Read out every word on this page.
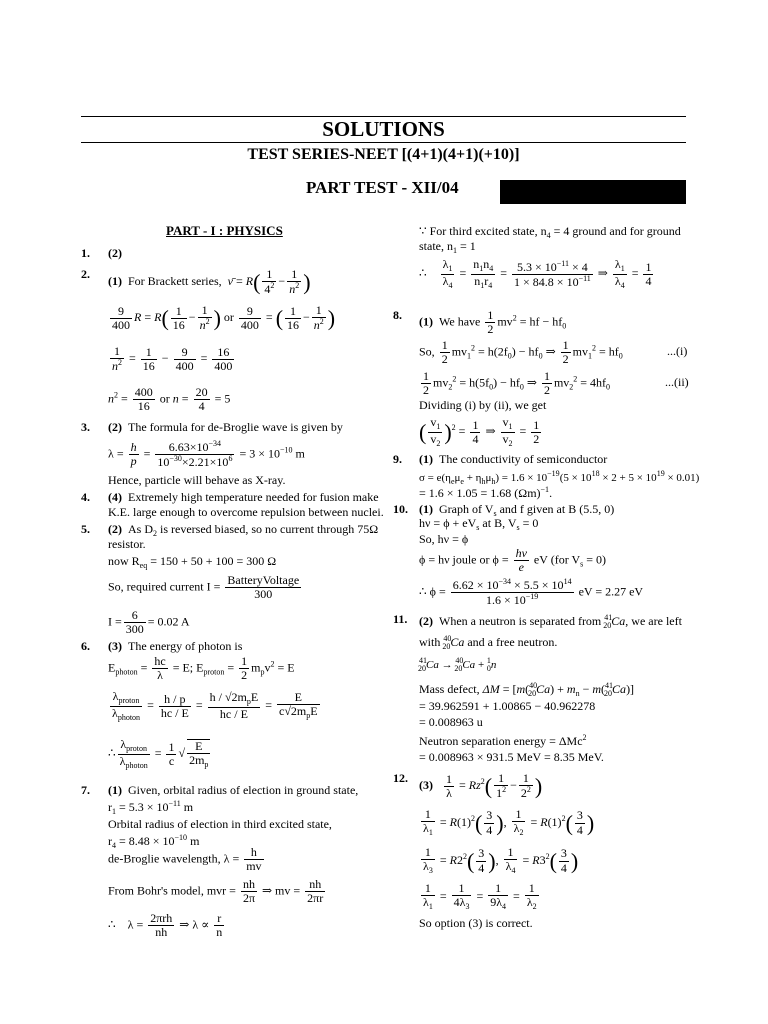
SOLUTIONS
TEST SERIES-NEET [(4+1)(4+1)(+10)]
PART TEST - XII/04
PART - I : PHYSICS
1. (2)
2. (1) For Brackett series,  ν̄ = $R( \frac{1}{4^2} - \frac{1}{n^2}$ )
$\frac{9}{400}$ $R = R( \frac{1}{16} - \frac{1}{n^2}$ ) or $\frac{9}{400}$ = ( $\frac{1}{16} - \frac{1}{n^2}$ )
$\frac{1}{n^2} = \frac{1}{16} - \frac{9}{400} = \frac{16}{400}$
$n^2 = \frac{400}{16}$ or $n = \frac{20}{4} = 5$
3. (2) The formula for de-Broglie wave is given by
$\lambda = \frac{h}{p} = \frac{6.63\times 10^{-34}}{10^{-30}\times 2.21\times 10^6} = 3 \times 10^{-10}$ m
Hence, particle will behave as X-ray.
4. (4) Extremely high temperature needed for fusion make
K.E. large enough to overcome repulsion between nuclei.
5. (2) As $D_2$ is reversed biased, so no current through 75Ω
resistor.
now $R_{eq} = 150 + 50 + 100 = 300$ Ω
So, required current $I = \frac{\text{BatteryVoltage}}{300}$
$I = \frac{6}{300} = 0.02$ A
6. (3) The energy of photon is
$E_{photon} = \frac{hc}{\lambda} = E$; $E_{proton} = \frac{1}{2} m_pv^2 = E$
$\frac{\lambda_{proton}}{\lambda_{photon}} = \frac{h / p}{hc / E} = \frac{h / √2m_pE}{hc / E} = \frac{E}{c√2m_pE}$
∴ $\frac{\lambda_{proton}}{\lambda_{photon}} = \frac{1}{c}$ √ $\frac{E}{2m_p}$
7. (1) Given, orbital radius of election in ground state,
$r_1 = 5.3 \times 10^{-11}$ m
Orbital radius of election in third excited state,
$r_4 = 8.48 \times 10^{-10}$ m
de-Broglie wavelength, $\lambda = \frac{h}{mv}$
From Bohr's model, mvr = $\frac{nh}{2\pi}$ ⇒ mv = $\frac{nh}{2\pi r}$
∴    $\lambda = \frac{\text{2πrh}}{nh}$ ⇒ $\lambda \propto \frac{r}{n}$
∵ For third excited state, $n_4 = 4$ ground and for ground
state, $n_1 = 1$
∴ $\frac{\lambda_1}{\lambda_4} = \frac{n_1n_4}{n_1r_4} = \frac{5.3 \times 10^{-11} \times 4}{1 \times 84.8 \times 10^{-11}}$ ⇒ $\frac{\lambda_1}{\lambda_4} = \frac{1}{4}$
8. (1) We have $\frac{1}{2} mv^2$ = hf − $hf_0$
So, $\frac{1}{2} mv_1^2 = h(2f_0) - hf_0$ ⇒ $\frac{1}{2} mv_1^2 = hf_0$	...(i)
$\frac{1}{2} mv_2^2 = h(5f_0) - hf_0$ ⇒ $\frac{1}{2} mv_2^2 = 4hf_0$	...(ii)
Dividing (i) by (ii), we get
( $\frac{v_1}{v_2} )^2 = \frac{1}{4}$ ⇒ $\frac{v_1}{v_2} = \frac{1}{2}$
9. (1) The conductivity of semiconductor
$\sigma = e(\eta_e\mu_e + \eta_h\mu_h) = 1.6 \times 10^{-19}(5 \times 10^{18} \times 2 + 5 \times 10^{19} \times 0.01)$
= 1.6 × 1.05 = 1.68 $(\Omega m)^{-1}$.
10. (1) Graph of $V_s$ and f given at B (5.5, 0)
$h\nu = \phi + eV_s$ at B, $V_s = 0$
So, hν = ϕ
ϕ = hν joule or $\phi = \frac{h\nu}{e}$ eV (for $V_s = 0$)
∴ $\phi = \frac{6.62 \times 10^{-34} \times 5.5 \times 10^{14}}{1.6 \times 10^{-19}}$ eV = 2.27 eV
11. (2) When a neutron is separated from $^{41}_{20}$Ca, we are left
with $^{40}_{20}$Ca and a free neutron.
$^{41}_{20}$Ca → $^{40}_{20}$Ca + $^1_0$n
Mass defect, $\Delta M = [m(^{40}_{20}Ca) + m_n - m(^{41}_{20}Ca)]$
= 39.962591 + 1.00865 − 40.962278
= 0.008963 u
Neutron separation energy = ΔMc$^2$
= 0.008963 × 931.5 MeV = 8.35 MeV.
12. $(3) \frac{1}{\lambda} = Rz^2( \frac{1}{1^2} - \frac{1}{2^2}$ )
$\frac{1}{\lambda_1} = R(1)^2( \frac{3}{4}$ ), $\frac{1}{\lambda_2} = R(1)^2( \frac{3}{4}$ )
$\frac{1}{\lambda_3} = R2^2( \frac{3}{4}$ ), $\frac{1}{\lambda_4} = R3^2( \frac{3}{4}$ )
$\frac{1}{\lambda_1} = \frac{1}{4\lambda_3} = \frac{1}{9\lambda_4} = \frac{1}{\lambda_2}$
So option (3) is correct.
